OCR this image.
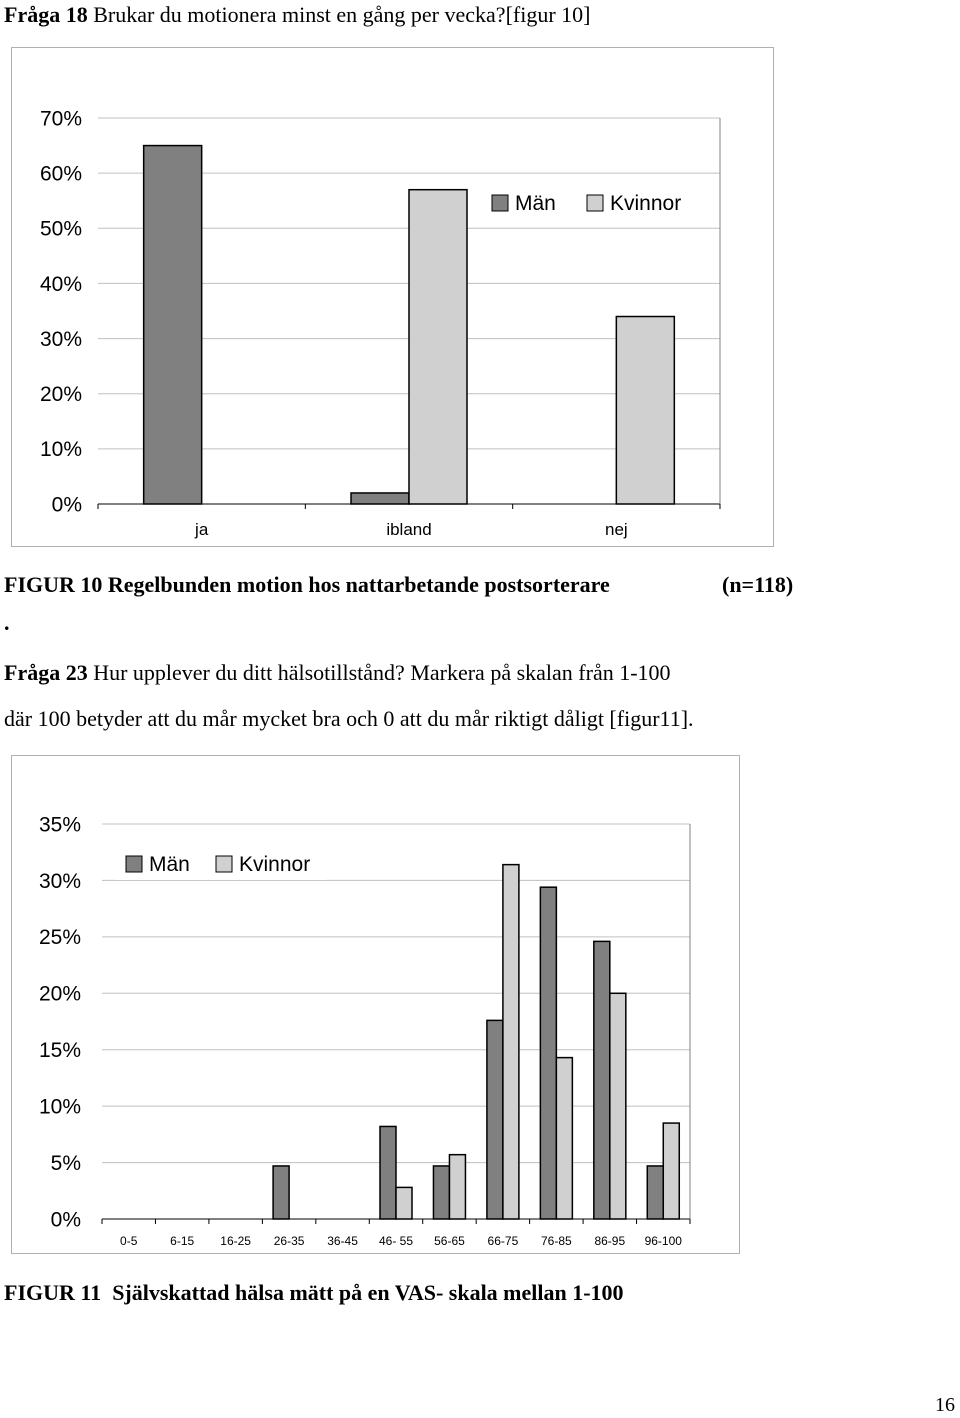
Fråga 18 Brukar du motionera minst en gång per vecka?[figur 10]
0%
10%
20%
30%
40%
50%
60%
70%
ja	ibland	nej
Män	Kvinnor
FIGUR 10 Regelbunden motion hos nattarbetande postsorterare	(n=118)
.
Fråga 23 Hur upplever du ditt hälsotillstånd? Markera på skalan från 1-100
där 100 betyder att du mår mycket bra och 0 att du mår riktigt dåligt [figur11].
0%
5%
10%
15%
20%
25%
30%
35%
0-5	6-15 16-25 26-35 36-45 46- 55 56-65 66-75 76-85 86-95 96-100
Män Kvinnor
FIGUR 11 Självskattad hälsa mätt på en VAS- skala mellan 1-100
16
